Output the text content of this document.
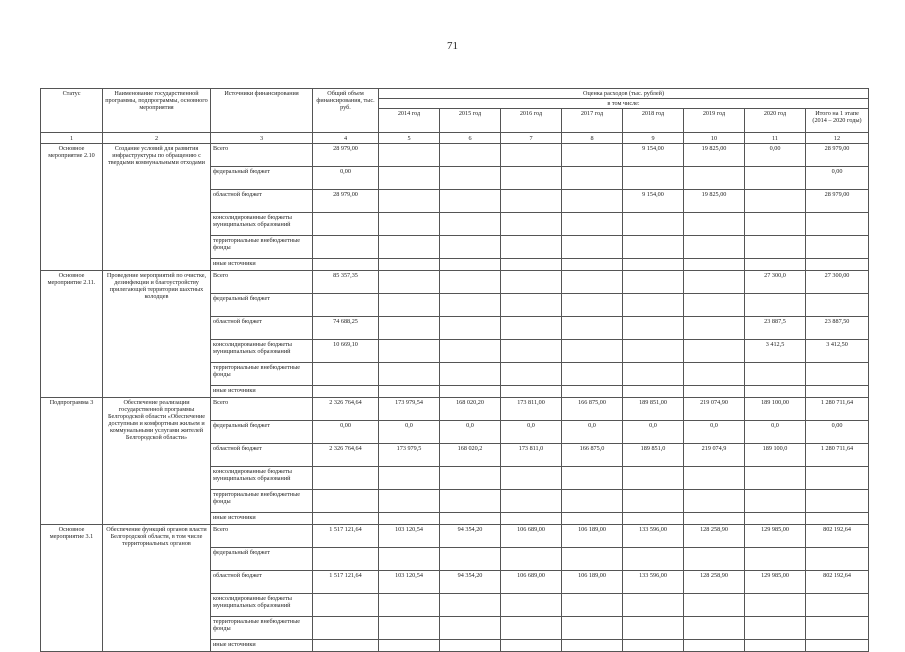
71
Статус	Наименование государственной программы, подпрограммы, основного мероприятия	Источники финансирования	Общий объем финансирования, тыс. руб.	Оценка расходов (тыс. рублей)							
				в том числе:							
				2014 год	2015 год	2016 год	2017 год	2018 год	2019 год	2020 год	Итого на 1 этапе (2014 – 2020 годы)
1	2	3	4	5	6	7	8	9	10	11	12
Основное мероприятие 2.10	Создание условий для развития инфраструктуры по обращению с твердыми коммунальными отходами	Всего	28 979,00					9 154,00	19 825,00	0,00	28 979,00
		федеральный бюджет	0,00								0,00
		областной бюджет	28 979,00					9 154,00	19 825,00		28 979,00
		консолидированные бюджеты муниципальных образований									
		территориальные внебюджетные фонды									
		иные источники									
Основное мероприятие 2.11.	Проведение мероприятий по очистке, дезинфекции и благоустройству прилегающей территории шахтных колодцев	Всего	85 357,35							27 300,0	27 300,00
		федеральный бюджет									
		областной бюджет	74 688,25							23 887,5	23 887,50
		консолидированные бюджеты муниципальных образований	10 669,10							3 412,5	3 412,50
		территориальные внебюджетные фонды									
		иные источники									
Подпрограмма 3	Обеспечение реализации государственной программы Белгородской области «Обеспечение доступным и комфортным жильем и коммунальными услугами жителей Белгородской области»	Всего	2 326 764,64	173 979,54	168 020,20	173 811,00	166 875,00	189 851,00	219 074,90	189 100,00	1 280 711,64
		федеральный бюджет	0,00	0,0	0,0	0,0	0,0	0,0	0,0	0,0	0,00
		областной бюджет	2 326 764,64	173 979,5	168 020,2	173 811,0	166 875,0	189 851,0	219 074,9	189 100,0	1 280 711,64
		консолидированные бюджеты муниципальных образований									
		территориальные внебюджетные фонды									
		иные источники									
Основное мероприятие 3.1	Обеспечение функций органов власти Белгородской области, в том числе территориальных органов	Всего	1 517 121,64	103 120,54	94 354,20	106 689,00	106 189,00	133 596,00	128 258,90	129 985,00	802 192,64
		федеральный бюджет									
		областной бюджет	1 517 121,64	103 120,54	94 354,20	106 689,00	106 189,00	133 596,00	128 258,90	129 985,00	802 192,64
		консолидированные бюджеты муниципальных образований									
		территориальные внебюджетные фонды									
		иные источники									
